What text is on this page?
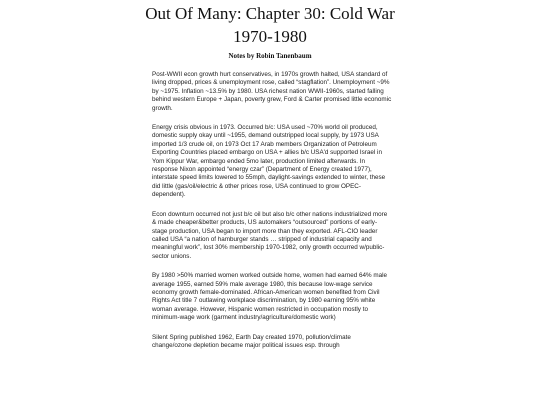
Out Of Many: Chapter 30: Cold War 1970-1980

Notes by Robin Tanenbaum

Post-WWII econ growth hurt conservatives, in 1970s growth halted, USA standard of living dropped, prices & unemployment rose, called “stagflation”. Unemployment ~9% by ~1975. Inflation ~13.5% by 1980. USA richest nation WWII-1960s, started falling behind western Europe + Japan, poverty grew, Ford & Carter promised little economic growth.

Energy crisis obvious in 1973. Occurred b/c: USA used ~70% world oil produced, domestic supply okay until ~1955, demand outstripped local supply, by 1973 USA imported 1/3 crude oil, on 1973 Oct 17 Arab members Organization of Petroleum Exporting Countries placed embargo on USA + allies b/c USA'd supported Israel in Yom Kippur War, embargo ended 5mo later, production limited afterwards. In response Nixon appointed “energy czar” (Department of Energy created 1977), interstate speed limits lowered to 55mph, daylight-savings extended to winter, these did little (gas/oil/electric & other prices rose, USA continued to grow OPEC-dependent).

Econ downturn occurred not just b/c oil but also b/c other nations industrialized more & made cheaper&better products, US automakers “outsourced” portions of early-stage production, USA began to import more than they exported. AFL-CIO leader called USA “a nation of hamburger stands … stripped of industrial capacity and meaningful work”, lost 30% membership 1970-1982, only growth occurred w/public-sector unions.

By 1980 >50% married women worked outside home, women had earned 64% male average 1955, earned 59% male average 1980, this because low-wage service economy growth female-dominated. African-American women benefited from Civil Rights Act title 7 outlawing workplace discrimination, by 1980 earning 95% white woman average. However, Hispanic women restricted in occupation mostly to minimum-wage work (garment industry/agriculture/domestic work)

Silent Spring published 1962, Earth Day created 1970, pollution/climate change/ozone depletion became major political issues esp. through
